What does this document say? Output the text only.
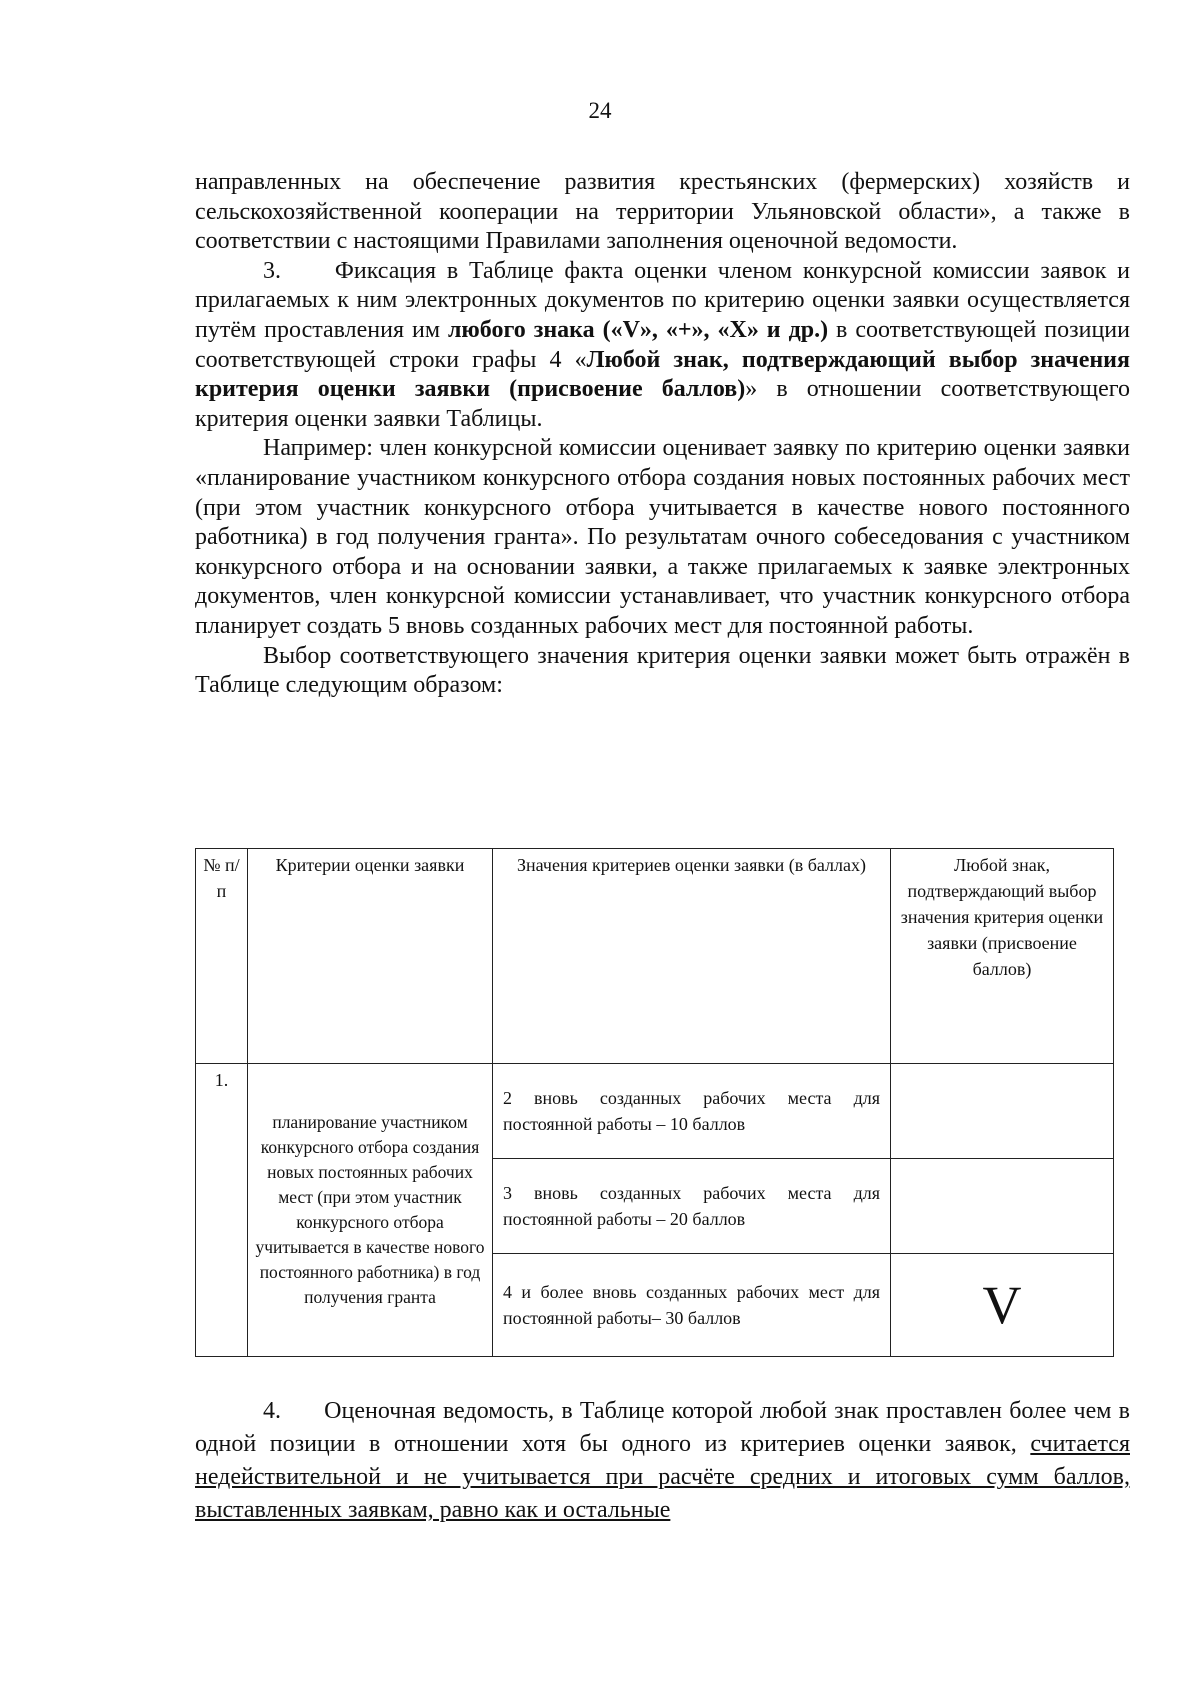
24

направленных на обеспечение развития крестьянских (фермерских) хозяйств и сельскохозяйственной кооперации на территории Ульяновской области», а также в соответствии с настоящими Правилами заполнения оценочной ведомости.

3. Фиксация в Таблице факта оценки членом конкурсной комиссии заявок и прилагаемых к ним электронных документов по критерию оценки заявки осуществляется путём проставления им любого знака («V», «+», «X» и др.) в соответствующей позиции соответствующей строки графы 4 «Любой знак, подтверждающий выбор значения критерия оценки заявки (присвоение баллов)» в отношении соответствующего критерия оценки заявки Таблицы.

Например: член конкурсной комиссии оценивает заявку по критерию оценки заявки «планирование участником конкурсного отбора создания новых постоянных рабочих мест (при этом участник конкурсного отбора учитывается в качестве нового постоянного работника) в год получения гранта». По результатам очного собеседования с участником конкурсного отбора и на основании заявки, а также прилагаемых к заявке электронных документов, член конкурсной комиссии устанавливает, что участник конкурсного отбора планирует создать 5 вновь созданных рабочих мест для постоянной работы.

Выбор соответствующего значения критерия оценки заявки может быть отражён в Таблице следующим образом:

№ п/п	Критерии оценки заявки	Значения критериев оценки заявки (в баллах)	Любой знак, подтверждающий выбор значения критерия оценки заявки (присвоение баллов)
1.	планирование участником конкурсного отбора создания новых постоянных рабочих мест (при этом участник конкурсного отбора учитывается в качестве нового постоянного работника) в год получения гранта	2 вновь созданных рабочих места для постоянной работы – 10 баллов	
		3 вновь созданных рабочих места для постоянной работы – 20 баллов	
		4 и более вновь созданных рабочих мест для постоянной работы– 30 баллов	V

4. Оценочная ведомость, в Таблице которой любой знак проставлен более чем в одной позиции в отношении хотя бы одного из критериев оценки заявок, считается недействительной и не учитывается при расчёте средних и итоговых сумм баллов, выставленных заявкам, равно как и остальные
